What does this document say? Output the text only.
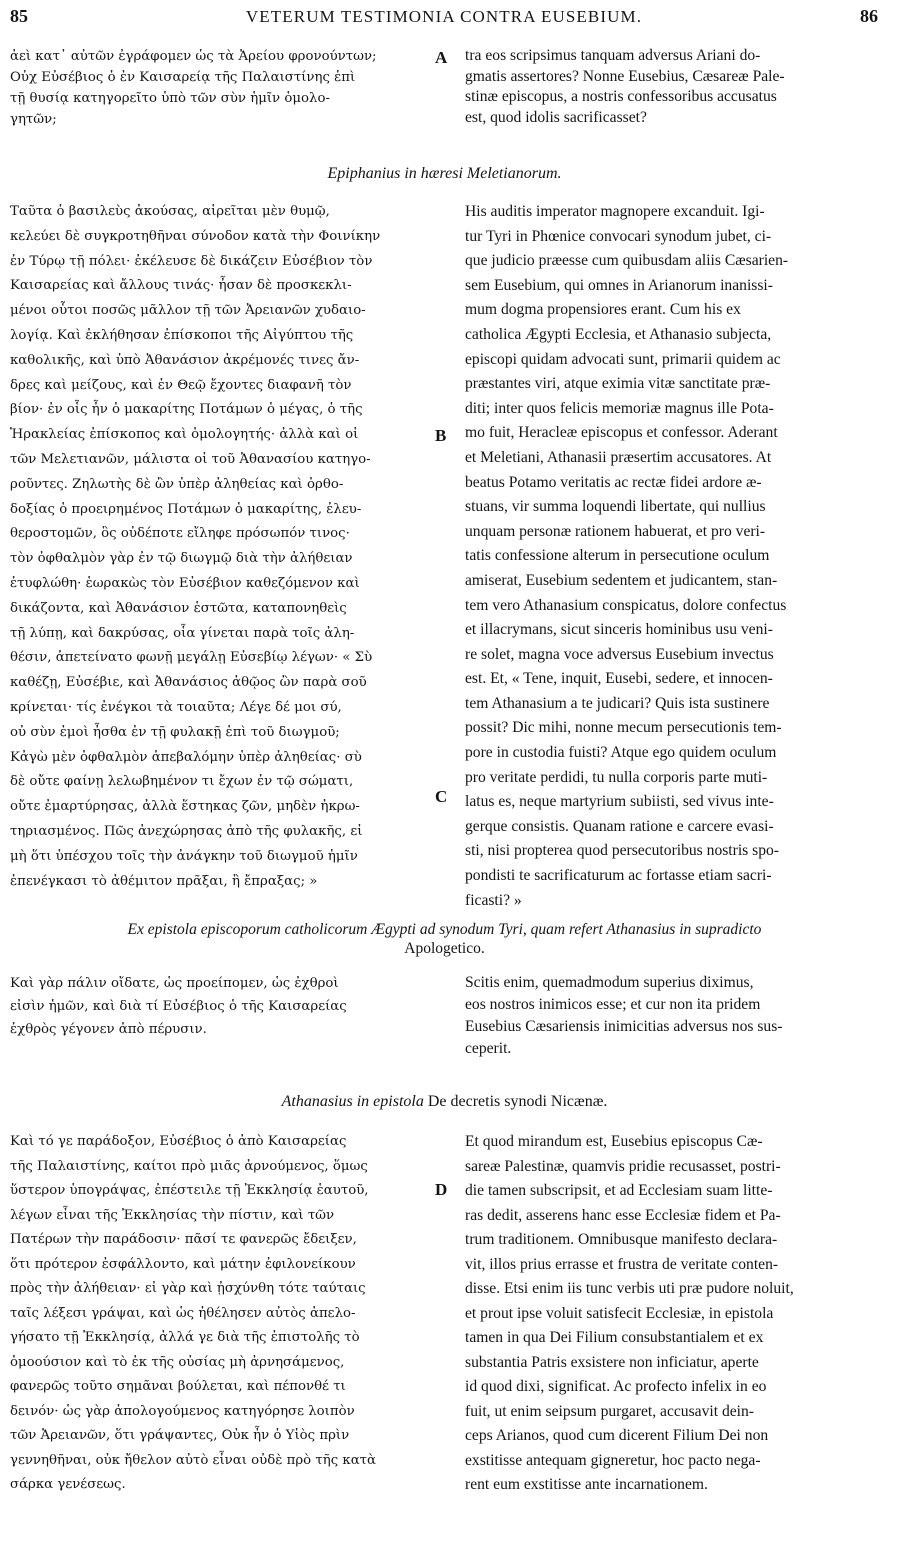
85	VETERUM TESTIMONIA CONTRA EUSEBIUM.	86

ἀεὶ κατ᾿ αὐτῶν ἐγράφομεν ὡς τὰ Ἀρείου φρονούντων;
Οὐχ Εὐσέβιος ὁ ἐν Καισαρείᾳ τῆς Παλαιστίνης ἐπὶ
τῇ θυσίᾳ κατηγορεῖτο ὑπὸ τῶν σὺν ἡμῖν ὁμολο-
γητῶν;

tra eos scripsimus tanquam adversus Ariani do-
gmatis assertores? Nonne Eusebius, Cæsareæ Pale-
stinæ episcopus, a nostris confessoribus accusatus
est, quod idolis sacrificasset?

A
Epiphanius in hæresi Meletianorum.

Ταῦτα ὁ βασιλεὺς ἀκούσας, αἱρεῖται μὲν θυμῷ,
κελεύει δὲ συγκροτηθῆναι σύνοδον κατὰ τὴν Φοινίκην
ἐν Τύρῳ τῇ πόλει· ἐκέλευσε δὲ δικάζειν Εὐσέβιον τὸν
Καισαρείας καὶ ἄλλους τινάς· ἦσαν δὲ προσκεκλι-
μένοι οὗτοι ποσῶς μᾶλλον τῇ τῶν Ἀρειανῶν χυδαιο-
λογίᾳ. Καὶ ἐκλήθησαν ἐπίσκοποι τῆς Αἰγύπτου τῆς
καθολικῆς, καὶ ὑπὸ Ἀθανάσιον ἀκρέμονές τινες ἄν-
δρες καὶ μείζους, καὶ ἐν Θεῷ ἔχοντες διαφανῆ τὸν
βίον· ἐν οἷς ἦν ὁ μακαρίτης Ποτάμων ὁ μέγας, ὁ τῆς
Ἡρακλείας ἐπίσκοπος καὶ ὁμολογητής· ἀλλὰ καὶ οἱ
τῶν Μελετιανῶν, μάλιστα οἱ τοῦ Ἀθανασίου κατηγο-
ροῦντες. Ζηλωτὴς δὲ ὢν ὑπὲρ ἀληθείας καὶ ὀρθο-
δοξίας ὁ προειρημένος Ποτάμων ὁ μακαρίτης, ἐλευ-
θεροστομῶν, ὃς οὐδέποτε εἴληφε πρόσωπόν τινος·
τὸν ὀφθαλμὸν γὰρ ἐν τῷ διωγμῷ διὰ τὴν ἀλήθειαν
ἐτυφλώθη· ἑωρακὼς τὸν Εὐσέβιον καθεζόμενον καὶ
δικάζοντα, καὶ Ἀθανάσιον ἑστῶτα, καταπονηθεὶς
τῇ λύπῃ, καὶ δακρύσας, οἷα γίνεται παρὰ τοῖς ἀλη-
θέσιν, ἀπετείνατο φωνῇ μεγάλῃ Εὐσεβίῳ λέγων· « Σὺ
καθέζῃ, Εὐσέβιε, καὶ Ἀθανάσιος ἀθῷος ὢν παρὰ σοῦ
κρίνεται· τίς ἐνέγκοι τὰ τοιαῦτα; Λέγε δέ μοι σύ,
οὐ σὺν ἐμοὶ ἦσθα ἐν τῇ φυλακῇ ἐπὶ τοῦ διωγμοῦ;
Κἀγὼ μὲν ὀφθαλμὸν ἀπεβαλόμην ὑπὲρ ἀληθείας· σὺ
δὲ οὔτε φαίνῃ λελωβημένον τι ἔχων ἐν τῷ σώματι,
οὔτε ἐμαρτύρησας, ἀλλὰ ἕστηκας ζῶν, μηδὲν ἠκρω-
τηριασμένος. Πῶς ἀνεχώρησας ἀπὸ τῆς φυλακῆς, εἰ
μὴ ὅτι ὑπέσχου τοῖς τὴν ἀνάγκην τοῦ διωγμοῦ ἡμῖν
ἐπενέγκασι τὸ ἀθέμιτον πρᾶξαι, ἢ ἔπραξας; »

His auditis imperator magnopere excanduit. Igi-
tur Tyri in Phœnice convocari synodum jubet, ci-
que judicio præesse cum quibusdam aliis Cæsarien-
sem Eusebium, qui omnes in Arianorum inanissi-
mum dogma propensiores erant. Cum his ex
catholica Ægypti Ecclesia, et Athanasio subjecta,
episcopi quidam advocati sunt, primarii quidem ac
præstantes viri, atque eximia vitæ sanctitate præ-
diti; inter quos felicis memoriæ magnus ille Pota-
mo fuit, Heracleæ episcopus et confessor. Aderant
et Meletiani, Athanasii præsertim accusatores. At
beatus Potamo veritatis ac rectæ fidei ardore æ-
stuans, vir summa loquendi libertate, qui nullius
unquam personæ rationem habuerat, et pro veri-
tatis confessione alterum in persecutione oculum
amiserat, Eusebium sedentem et judicantem, stan-
tem vero Athanasium conspicatus, dolore confectus
et illacrymans, sicut sinceris hominibus usu veni-
re solet, magna voce adversus Eusebium invectus
est. Et, « Tene, inquit, Eusebi, sedere, et innocen-
tem Athanasium a te judicari? Quis ista sustinere
possit? Dic mihi, nonne mecum persecutionis tem-
pore in custodia fuisti? Atque ego quidem oculum
pro veritate perdidi, tu nulla corporis parte muti-
latus es, neque martyrium subiisti, sed vivus inte-
gerque consistis. Quanam ratione e carcere evasi-
sti, nisi propterea quod persecutoribus nostris spo-
pondisti te sacrificaturum ac fortasse etiam sacri-
ficasti? »

B
C
Ex epistola episcoporum catholicorum Ægypti ad synodum Tyri, quam refert Athanasius in supradicto
Apologetico.

Καὶ γὰρ πάλιν οἴδατε, ὡς προείπομεν, ὡς ἐχθροὶ
εἰσὶν ἡμῶν, καὶ διὰ τί Εὐσέβιος ὁ τῆς Καισαρείας
ἐχθρὸς γέγονεν ἀπὸ πέρυσιν.

Scitis enim, quemadmodum superius diximus,
eos nostros inimicos esse; et cur non ita pridem
Eusebius Cæsariensis inimicitias adversus nos sus-
ceperit.

Athanasius in epistola De decretis synodi Nicænæ.

Καὶ τό γε παράδοξον, Εὐσέβιος ὁ ἀπὸ Καισαρείας
τῆς Παλαιστίνης, καίτοι πρὸ μιᾶς ἀρνούμενος, ὅμως
ὕστερον ὑπογράψας, ἐπέστειλε τῇ Ἐκκλησίᾳ ἑαυτοῦ,
λέγων εἶναι τῆς Ἐκκλησίας τὴν πίστιν, καὶ τῶν
Πατέρων τὴν παράδοσιν· πᾶσί τε φανερῶς ἔδειξεν,
ὅτι πρότερον ἐσφάλλοντο, καὶ μάτην ἐφιλονείκουν
πρὸς τὴν ἀλήθειαν· εἰ γὰρ καὶ ᾐσχύνθη τότε ταύταις
ταῖς λέξεσι γράψαι, καὶ ὡς ἠθέλησεν αὐτὸς ἀπελο-
γήσατο τῇ Ἐκκλησίᾳ, ἀλλά γε διὰ τῆς ἐπιστολῆς τὸ
ὁμοούσιον καὶ τὸ ἐκ τῆς οὐσίας μὴ ἀρνησάμενος,
φανερῶς τοῦτο σημᾶναι βούλεται, καὶ πέπονθέ τι
δεινόν· ὡς γὰρ ἀπολογούμενος κατηγόρησε λοιπὸν
τῶν Ἀρειανῶν, ὅτι γράψαντες, Οὐκ ἦν ὁ Υἱὸς πρὶν
γεννηθῆναι, οὐκ ἤθελον αὐτὸ εἶναι οὐδὲ πρὸ τῆς κατὰ
σάρκα γενέσεως.

Et quod mirandum est, Eusebius episcopus Cæ-
sareæ Palestinæ, quamvis pridie recusasset, postri-
die tamen subscripsit, et ad Ecclesiam suam litte-
ras dedit, asserens hanc esse Ecclesiæ fidem et Pa-
trum traditionem. Omnibusque manifesto declara-
vit, illos prius errasse et frustra de veritate conten-
disse. Etsi enim iis tunc verbis uti præ pudore noluit,
et prout ipse voluit satisfecit Ecclesiæ, in epistola
tamen in qua Dei Filium consubstantialem et ex
substantia Patris exsistere non inficiatur, aperte
id quod dixi, significat. Ac profecto infelix in eo
fuit, ut enim seipsum purgaret, accusavit dein-
ceps Arianos, quod cum dicerent Filium Dei non
exstitisse antequam gigneretur, hoc pacto nega-
rent eum exstitisse ante incarnationem.

D
